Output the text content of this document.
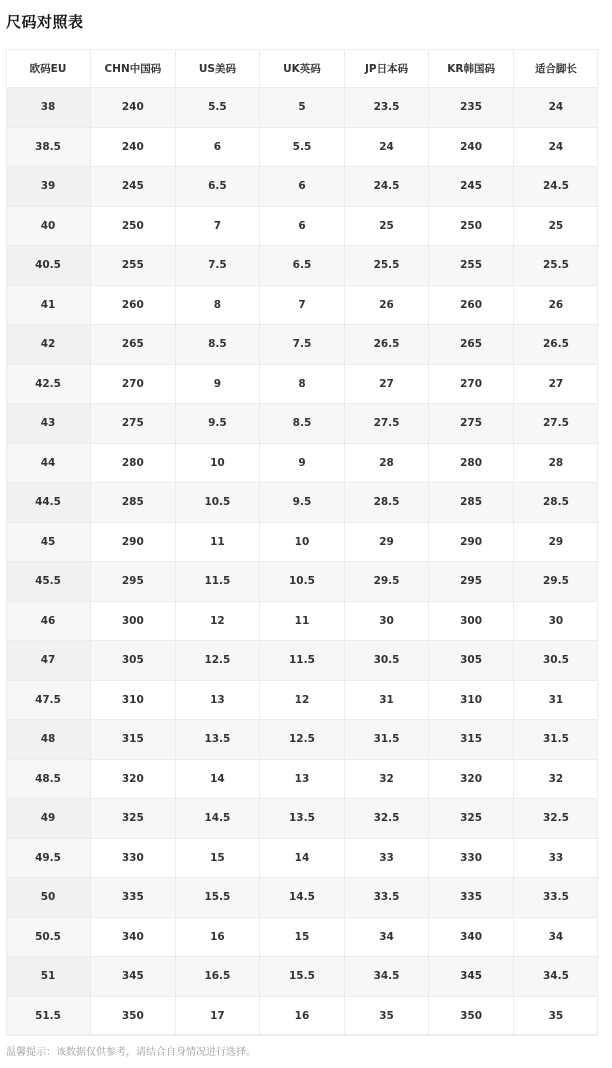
尺码对照表
欧码EU	CHN中国码	US美码	UK英码	JP日本码	KR韩国码	适合脚长
38	240	5.5	5	23.5	235	24
38.5	240	6	5.5	24	240	24
39	245	6.5	6	24.5	245	24.5
40	250	7	6	25	250	25
40.5	255	7.5	6.5	25.5	255	25.5
41	260	8	7	26	260	26
42	265	8.5	7.5	26.5	265	26.5
42.5	270	9	8	27	270	27
43	275	9.5	8.5	27.5	275	27.5
44	280	10	9	28	280	28
44.5	285	10.5	9.5	28.5	285	28.5
45	290	11	10	29	290	29
45.5	295	11.5	10.5	29.5	295	29.5
46	300	12	11	30	300	30
47	305	12.5	11.5	30.5	305	30.5
47.5	310	13	12	31	310	31
48	315	13.5	12.5	31.5	315	31.5
48.5	320	14	13	32	320	32
49	325	14.5	13.5	32.5	325	32.5
49.5	330	15	14	33	330	33
50	335	15.5	14.5	33.5	335	33.5
50.5	340	16	15	34	340	34
51	345	16.5	15.5	34.5	345	34.5
51.5	350	17	16	35	350	35
温馨提示：该数据仅供参考，请结合自身情况进行选择。
